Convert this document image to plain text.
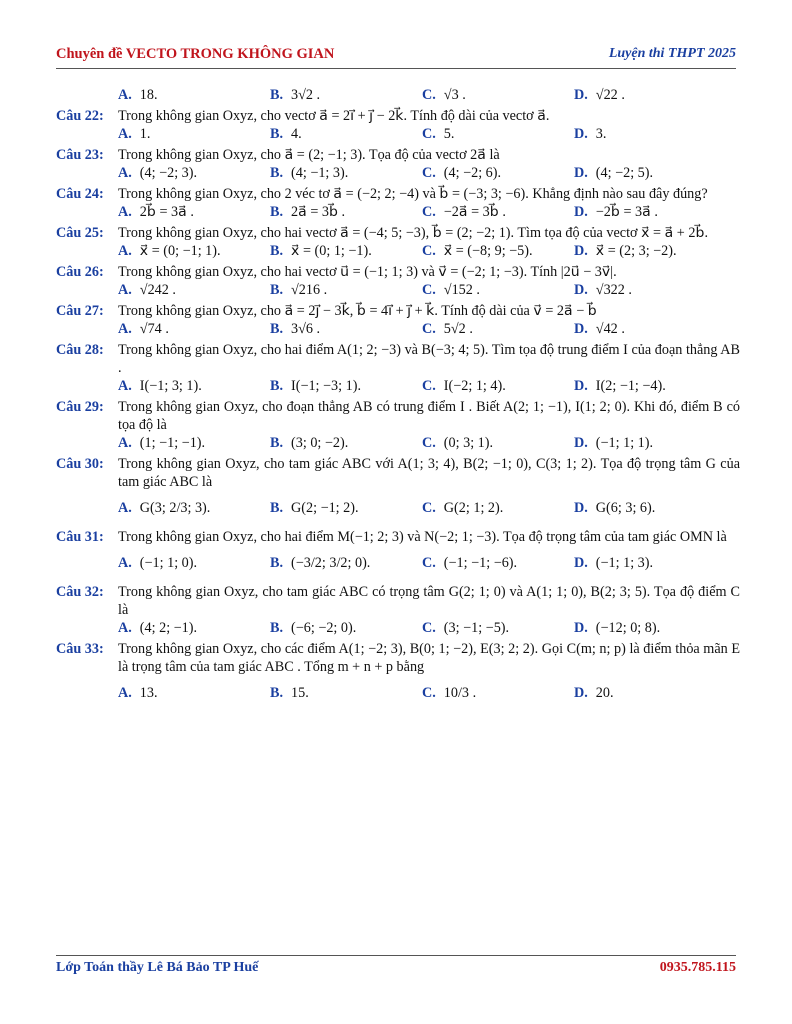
Chuyên đề VECTO TRONG KHÔNG GIAN	Luyện thi THPT 2025
A. 18.	B. 3√2 .	C. √3 .	D. √22 .
Câu 22:	Trong không gian Oxyz, cho vectơ a⃗ = 2i⃗ + j⃗ − 2k⃗. Tính độ dài của vectơ a⃗.
A. 1.	B. 4.	C. 5.	D. 3.
Câu 23:	Trong không gian Oxyz, cho a⃗ = (2; −1; 3). Tọa độ của vectơ 2a⃗ là
A. (4; −2; 3).	B. (4; −1; 3).	C. (4; −2; 6).	D. (4; −2; 5).
Câu 24:	Trong không gian Oxyz, cho 2 véc tơ a⃗ = (−2; 2; −4) và b⃗ = (−3; 3; −6). Khẳng định nào sau đây đúng?
A. 2b⃗ = 3a⃗ .	B. 2a⃗ = 3b⃗ .	C. −2a⃗ = 3b⃗ .	D. −2b⃗ = 3a⃗ .
Câu 25:	Trong không gian Oxyz, cho hai vectơ a⃗ = (−4; 5; −3), b⃗ = (2; −2; 1). Tìm tọa độ của vectơ x⃗ = a⃗ + 2b⃗.
A. x⃗ = (0; −1; 1).	B. x⃗ = (0; 1; −1).	C. x⃗ = (−8; 9; −5).	D. x⃗ = (2; 3; −2).
Câu 26:	Trong không gian Oxyz, cho hai vectơ u⃗ = (−1; 1; 3) và v⃗ = (−2; 1; −3). Tính |2u⃗ − 3v⃗|.
A. √242 .	B. √216 .	C. √152 .	D. √322 .
Câu 27:	Trong không gian Oxyz, cho a⃗ = 2j⃗ − 3k⃗, b⃗ = 4i⃗ + j⃗ + k⃗. Tính độ dài của v⃗ = 2a⃗ − b⃗
A. √74 .	B. 3√6 .	C. 5√2 .	D. √42 .
Câu 28:	Trong không gian Oxyz, cho hai điểm A(1; 2; −3) và B(−3; 4; 5). Tìm tọa độ trung điểm I của đoạn thẳng AB .
A. I(−1; 3; 1).	B. I(−1; −3; 1).	C. I(−2; 1; 4).	D. I(2; −1; −4).
Câu 29:	Trong không gian Oxyz, cho đoạn thẳng AB có trung điểm I . Biết A(2; 1; −1), I(1; 2; 0). Khi đó, điểm B có tọa độ là
A. (1; −1; −1).	B. (3; 0; −2).	C. (0; 3; 1).	D. (−1; 1; 1).
Câu 30:	Trong không gian Oxyz, cho tam giác ABC với A(1; 3; 4), B(2; −1; 0), C(3; 1; 2). Tọa độ trọng tâm G của tam giác ABC là
A. G(3; 2/3; 3).	B. G(2; −1; 2).	C. G(2; 1; 2).	D. G(6; 3; 6).
Câu 31:	Trong không gian Oxyz, cho hai điểm M(−1; 2; 3) và N(−2; 1; −3). Tọa độ trọng tâm của tam giác OMN là
A. (−1; 1; 0).	B. (−3/2; 3/2; 0).	C. (−1; −1; −6).	D. (−1; 1; 3).
Câu 32:	Trong không gian Oxyz, cho tam giác ABC có trọng tâm G(2; 1; 0) và A(1; 1; 0), B(2; 3; 5). Tọa độ điểm C là
A. (4; 2; −1).	B. (−6; −2; 0).	C. (3; −1; −5).	D. (−12; 0; 8).
Câu 33:	Trong không gian Oxyz, cho các điểm A(1; −2; 3), B(0; 1; −2), E(3; 2; 2). Gọi C(m; n; p) là điểm thỏa mãn E là trọng tâm của tam giác ABC . Tổng m + n + p bằng
A. 13.	B. 15.	C. 10/3 .	D. 20.
Lớp Toán thầy Lê Bá Bảo TP Huế	0935.785.115
